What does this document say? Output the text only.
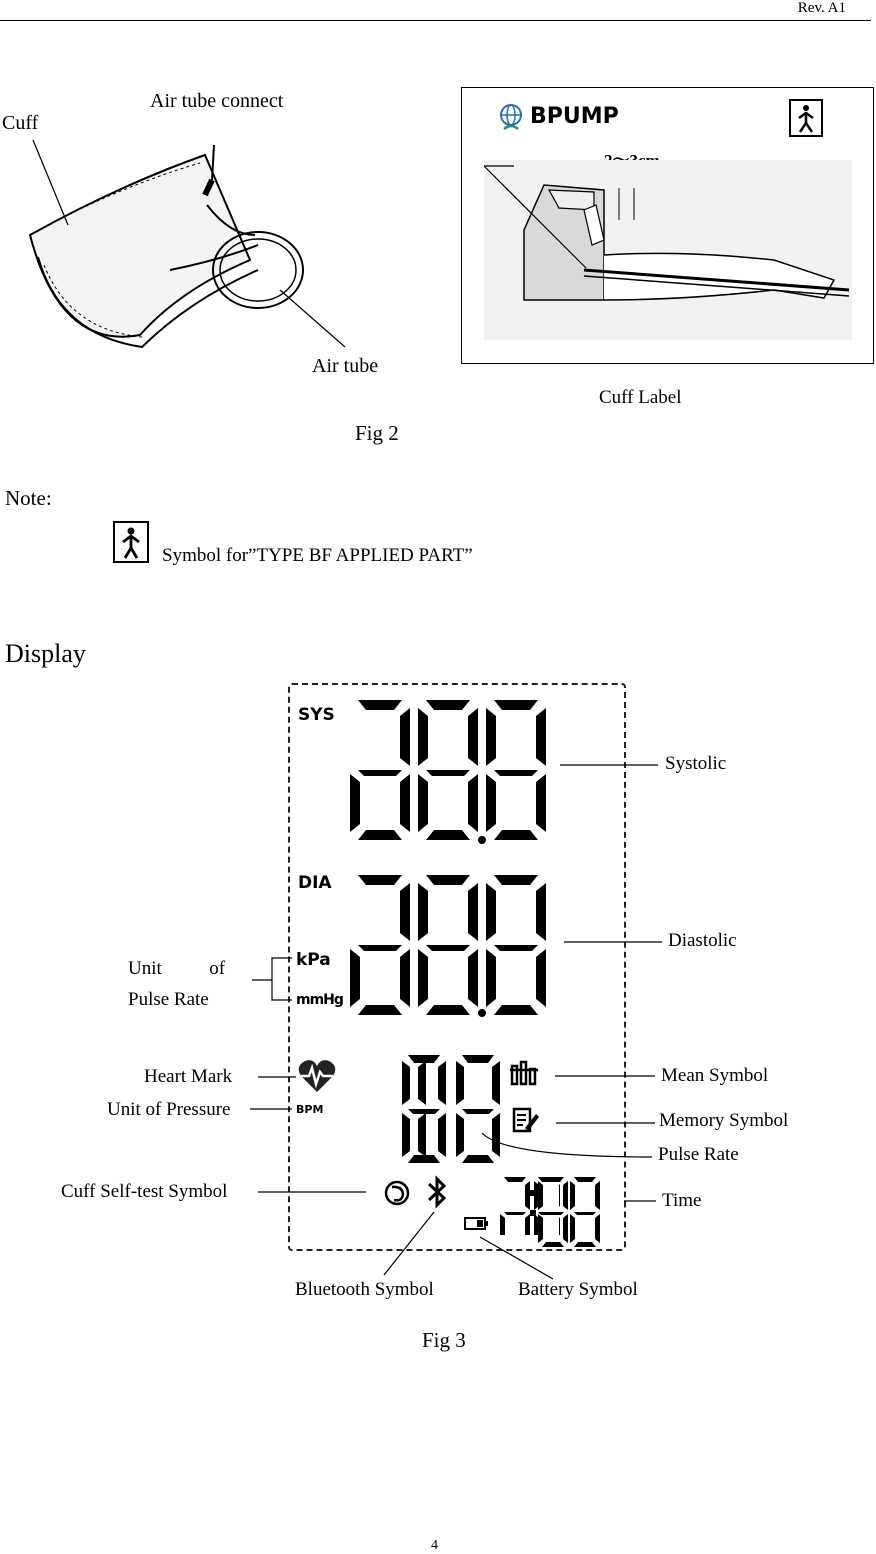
Rev. A1
Cuff
Air tube connect
Air tube
BPUMP
Cuff Label
Fig 2
Note:
Symbol for”TYPE BF APPLIED PART”
Display
SYS
DIA
kPa
mmHg
BPM
Systolic
Diastolic
Unit          of
Pulse Rate
Heart Mark
Unit of Pressure
Mean Symbol
Memory Symbol
Pulse Rate
Cuff Self-test Symbol	Time
Bluetooth Symbol	Battery Symbol
Fig 3
4
